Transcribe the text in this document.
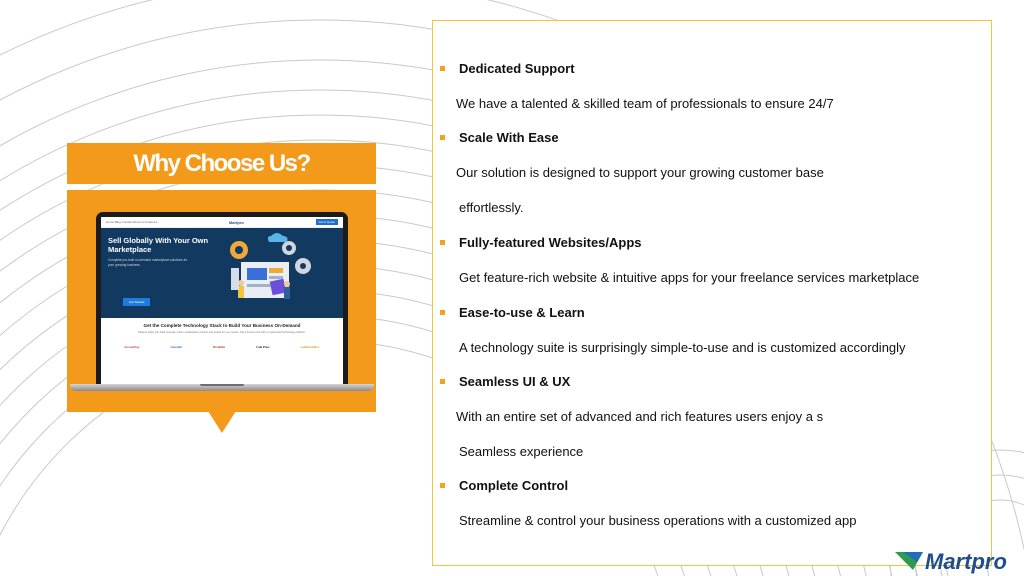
Why Choose Us?
Home Blog Contact About us Features	Martpro	Get A Quote
Sell Globally With Your Own Marketplace
Complete pre-built on-demand marketplace solutions for your growing business.
Get Started
Get the Complete Technology Stack to Build Your Business On-Demand
Martpro helps you build next-gen online marketplace product and scaled for your needs. Get a future-proof with a customized technology platform.
FusionPay	OpenBit	DishBite	Cafe Press	cafeBookRes
Dedicated Support
We have a talented & skilled team of professionals to ensure 24/7
Scale With Ease
Our solution is designed to support your growing customer base
effortlessly.
Fully-featured Websites/Apps
Get feature-rich website & intuitive apps for your freelance services marketplace
Ease-to-use & Learn
A technology suite is surprisingly simple-to-use and is customized accordingly
Seamless UI & UX
With an entire set of advanced and rich features users enjoy a s
Seamless experience
Complete Control
Streamline & control your business operations with a customized app
Martpro
